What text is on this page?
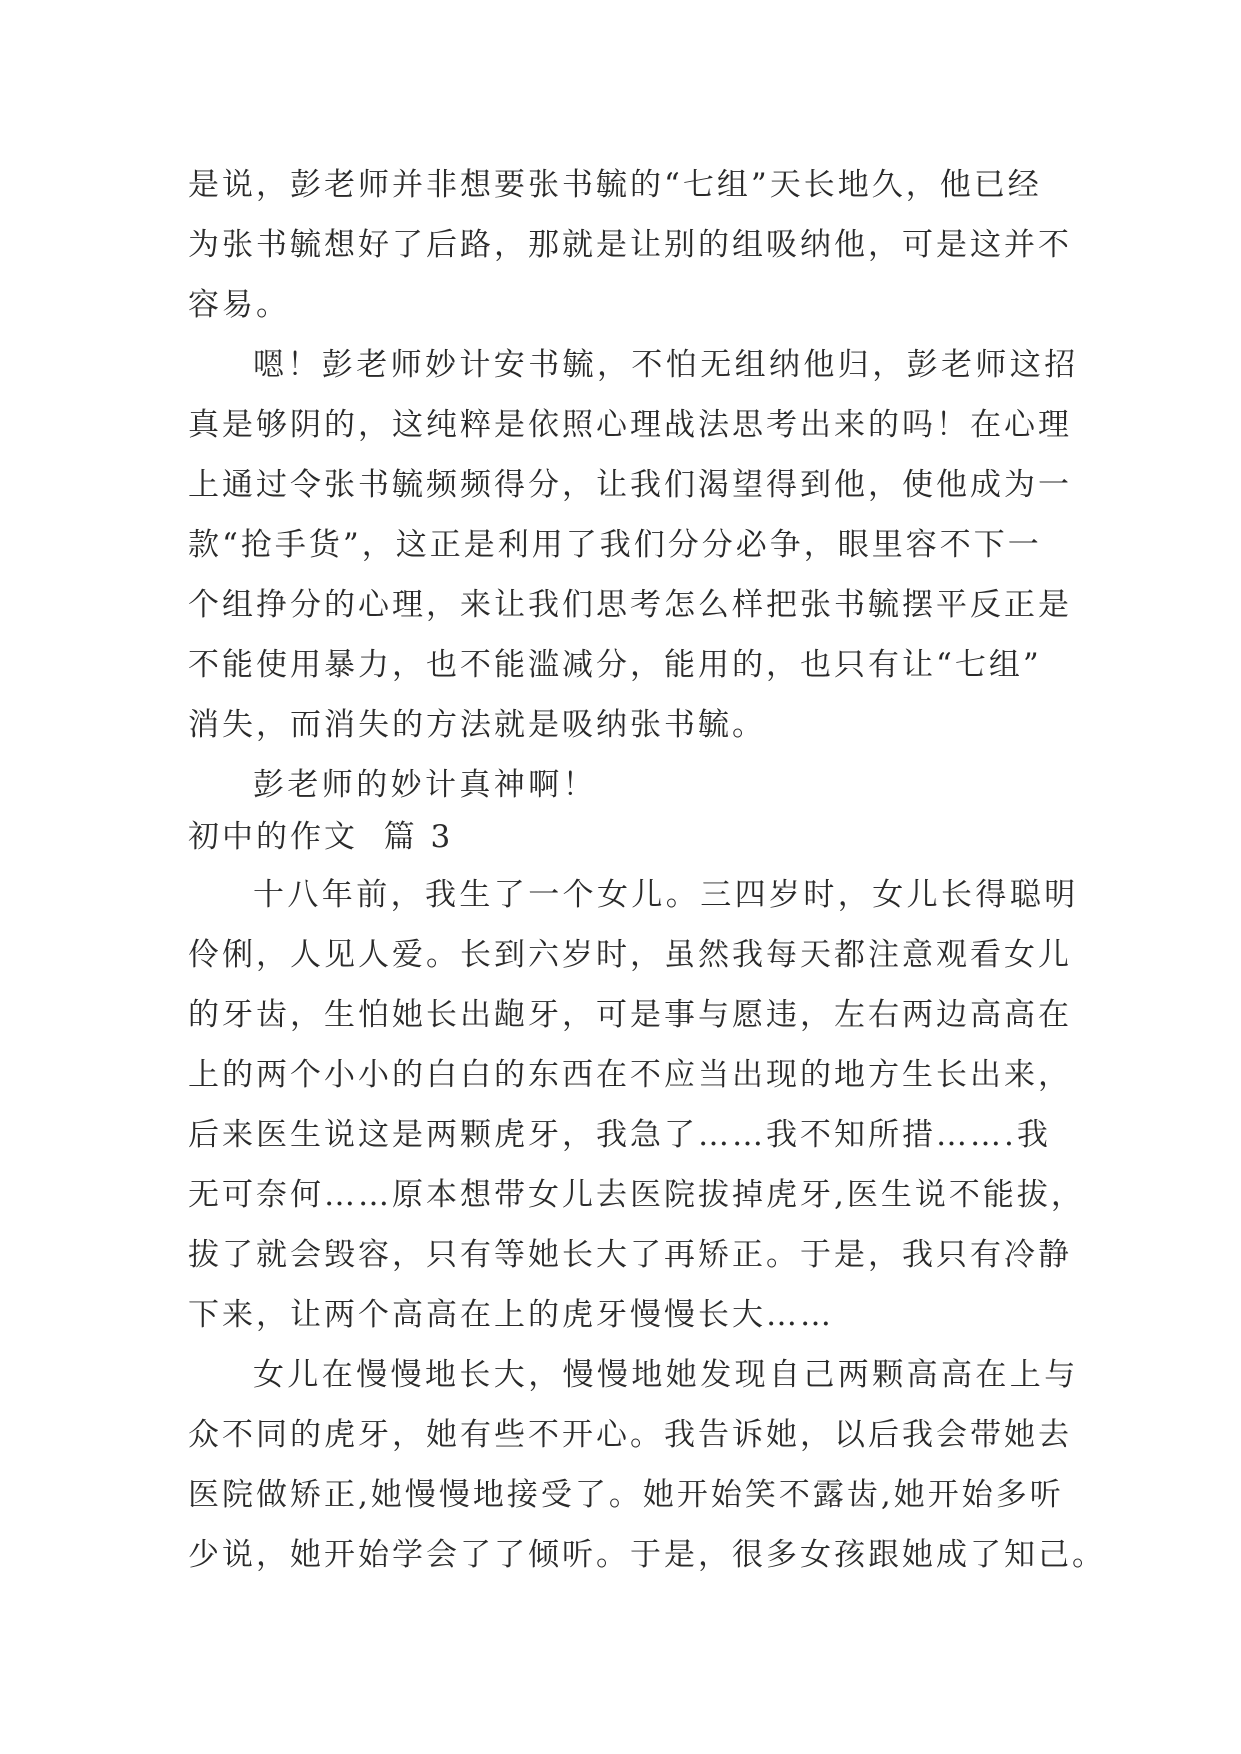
是说，彭老师并非想要张书毓的“七组”天长地久，他已经
为张书毓想好了后路，那就是让别的组吸纳他，可是这并不
容易。
嗯！彭老师妙计安书毓，不怕无组纳他归，彭老师这招
真是够阴的，这纯粹是依照心理战法思考出来的吗！在心理
上通过令张书毓频频得分，让我们渴望得到他，使他成为一
款“抢手货”，这正是利用了我们分分必争，眼里容不下一
个组挣分的心理，来让我们思考怎么样把张书毓摆平反正是
不能使用暴力，也不能滥减分，能用的，也只有让“七组”
消失，而消失的方法就是吸纳张书毓。
彭老师的妙计真神啊！
初中的作文  篇 3
十八年前，我生了一个女儿。三四岁时，女儿长得聪明
伶俐，人见人爱。长到六岁时，虽然我每天都注意观看女儿
的牙齿，生怕她长出龅牙，可是事与愿违，左右两边高高在
上的两个小小的白白的东西在不应当出现的地方生长出来，
后来医生说这是两颗虎牙，我急了……我不知所措…….我
无可奈何……原本想带女儿去医院拔掉虎牙,医生说不能拔，
拔了就会毁容，只有等她长大了再矫正。于是，我只有冷静
下来，让两个高高在上的虎牙慢慢长大……
女儿在慢慢地长大，慢慢地她发现自己两颗高高在上与
众不同的虎牙，她有些不开心。我告诉她，以后我会带她去
医院做矫正,她慢慢地接受了。她开始笑不露齿,她开始多听
少说，她开始学会了了倾听。于是，很多女孩跟她成了知己。
